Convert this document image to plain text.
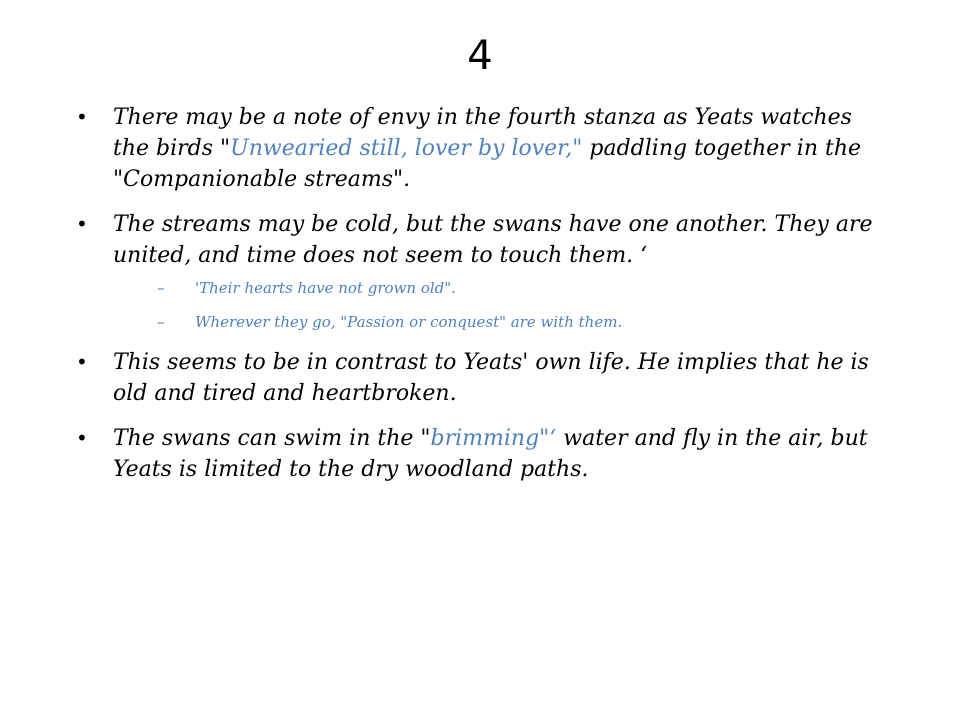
4
• There may be a note of envy in the fourth stanza as Yeats watches the birds "Unwearied still, lover by lover," paddling together in the "Companionable streams".
• The streams may be cold, but the swans have one another. They are united, and time does not seem to touch them. ‘
– 'Their hearts have not grown old".
– Wherever they go, "Passion or conquest" are with them.
• This seems to be in contrast to Yeats' own life. He implies that he is old and tired and heartbroken.
• The swans can swim in the "brimming"‘ water and fly in the air, but Yeats is limited to the dry woodland paths.
